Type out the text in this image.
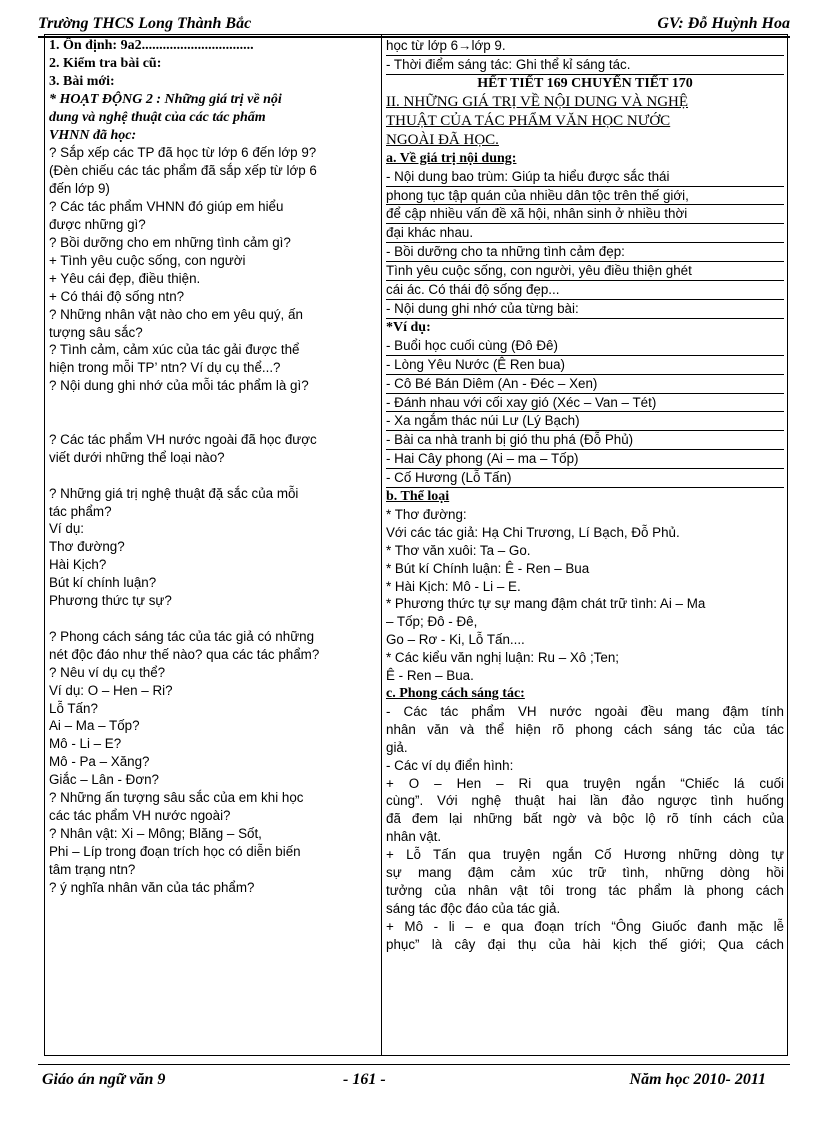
Trường THCS Long Thành Bắc	GV: Đỗ Huỳnh Hoa
1. Ổn định: 9a2................................
2. Kiểm tra bài cũ:
3. Bài mới:
* HOẠT ĐỘNG 2 : Những giá trị về nội
dung và nghệ thuật của các tác phẩm
VHNN đã học:
? Sắp xếp các TP đã học từ lớp 6 đến lớp 9?
(Đèn chiếu các tác phẩm đã sắp xếp từ lớp 6
đến lớp 9)
? Các tác phẩm VHNN đó giúp em hiểu
được những gì?
? Bồi dưỡng cho em những tình cảm gì?
+ Tình yêu cuộc sống, con người
+ Yêu cái đẹp, điều thiện.
+ Có thái độ sống ntn?
? Những nhân vật nào cho em yêu quý, ấn
tượng sâu sắc?
? Tình cảm, cảm xúc của tác gải được thể
hiện trong mỗi TP’ ntn? Ví dụ cụ thể...?
? Nội dung ghi nhớ của mỗi tác phẩm là gì?

? Các tác phẩm VH nước ngoài đã học được
viết dưới những thể loại nào?

? Những giá trị nghệ thuật đặ sắc của mỗi
tác phẩm?
Ví dụ:
Thơ đường?
Hài Kịch?
Bút kí chính luận?
Phương thức tự sự?

? Phong cách sáng tác của tác giả có những
nét độc đáo như thế nào? qua các tác phẩm?
? Nêu ví dụ cụ thể?
Ví dụ: O – Hen – Ri?
Lỗ Tấn?
Ai – Ma – Tốp?
Mô - Li – E?
Mô - Pa – Xăng?
Giắc – Lân - Đơn?
? Những ấn tượng sâu sắc của em khi học
các tác phẩm VH nước ngoài?
? Nhân vật: Xi – Mông; Blăng – Sốt,
Phi – Líp trong đoạn trích học có diễn biến
tâm trạng ntn?
? ý nghĩa nhân văn của tác phẩm?
học từ lớp 6→lớp 9.
- Thời điểm sáng tác: Ghi thể kỉ sáng tác.
HẾT TIẾT 169 CHUYỂN TIẾT 170
II. NHỮNG GIÁ TRỊ VỀ NỘI DUNG VÀ NGHỆ
THUẬT CỦA TÁC PHẨM VĂN HỌC NƯỚC
NGOÀI ĐÃ HỌC.
a. Về giá trị nội dung:
- Nội dung bao trùm: Giúp ta hiểu được sắc thái
phong tục tập quán của nhiều dân tộc trên thế giới,
để cập nhiều vấn đề xã hội, nhân sinh ở nhiều thời
đại khác nhau.
- Bồi dưỡng cho ta những tình cảm đẹp:
Tình yêu cuộc sống, con người, yêu điều thiện ghét
cái ác. Có thái độ sống đẹp...
- Nội dung ghi nhớ của từng bài:
*Ví dụ:
- Buổi học cuối cùng (Đô Đê)
- Lòng Yêu Nước (Ê Ren bua)
- Cô Bé Bán Diêm (An - Đéc – Xen)
- Đánh nhau với cối xay gió (Xéc – Van – Tét)
- Xa ngắm thác núi Lư (Lý Bạch)
- Bài ca nhà tranh bị gió thu phá (Đỗ Phủ)
- Hai Cây phong (Ai – ma – Tốp)
- Cố Hương (Lỗ Tấn)
b. Thể loại
* Thơ đường:
Với các tác giả: Hạ Chi Trương, Lí Bạch, Đỗ Phủ.
* Thơ văn xuôi: Ta – Go.
* Bút kí Chính luận: Ê - Ren – Bua
* Hài Kịch: Mô - Li – E.
* Phương thức tự sự mang đậm chát trữ tình: Ai – Ma
– Tốp; Đô - Đê,
Go – Rơ - Ki, Lỗ Tấn....
* Các kiểu văn nghị luận: Ru – Xô ;Ten;
Ê - Ren – Bua.
c. Phong cách sáng tác:
- Các tác phẩm VH nước ngoài đều mang đậm tính
nhân văn và thể hiện rõ phong cách sáng tác của tác
giả.
- Các ví dụ điển hình:
+ O – Hen – Ri qua truyện ngắn “Chiếc lá cuối
cùng”. Với nghệ thuật hai lần đảo ngược tình huống
đã đem lại những bất ngờ và bộc lộ rõ tính cách của
nhân vật.
+ Lỗ Tấn qua truyện ngắn Cố Hương những dòng tự
sự mang đậm cảm xúc trữ tình, những dòng hồi
tưởng của nhân vật tôi trong tác phẩm là phong cách
sáng tác độc đáo của tác giả.
+ Mô - li – e qua đoạn trích “Ông Giuốc đanh mặc lễ
phục” là cây đại thụ của hài kịch thế giới; Qua cách
Giáo án ngữ văn 9	- 161 -	Năm học 2010- 2011
